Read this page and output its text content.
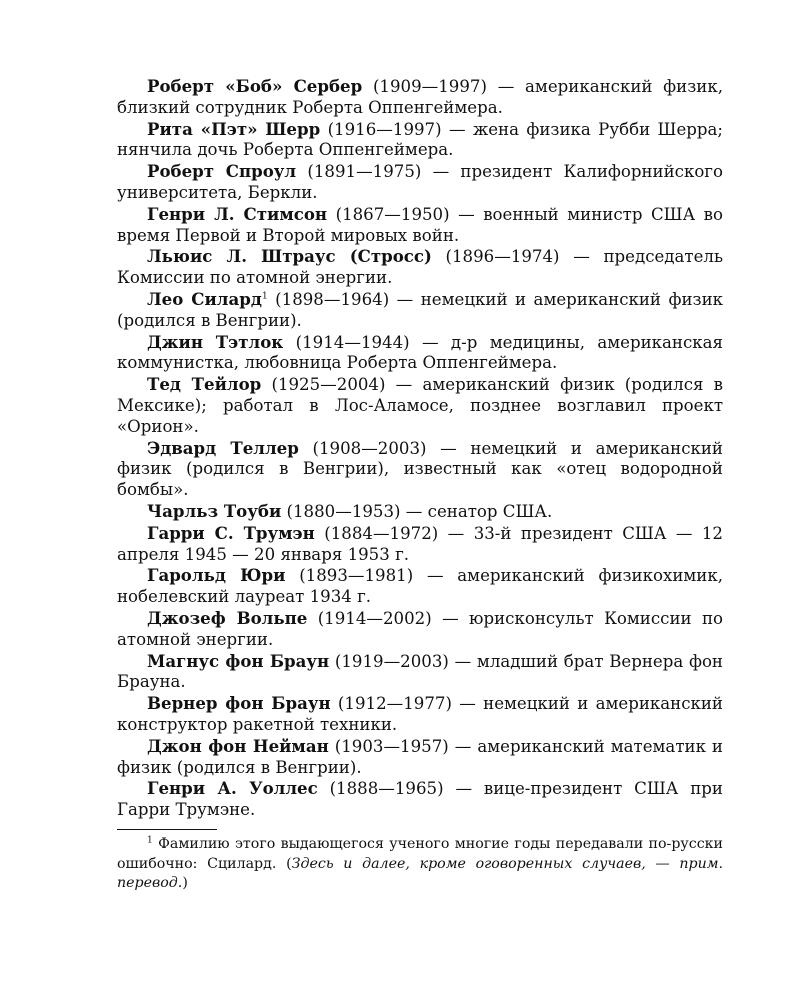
Роберт «Боб» Сербер (1909—1997) — американский физик, близкий сотрудник Роберта Оппенгеймера.

Рита «Пэт» Шерр (1916—1997) — жена физика Рубби Шерра; нянчила дочь Роберта Оппенгеймера.

Роберт Спроул (1891—1975) — президент Калифорнийского университета, Беркли.

Генри Л. Стимсон (1867—1950) — военный министр США во время Первой и Второй мировых войн.

Льюис Л. Штраус (Стросс) (1896—1974) — председатель Комиссии по атомной энергии.

Лео Силард$^1$ (1898—1964) — немецкий и американский физик (родился в Венгрии).

Джин Тэтлок (1914—1944) — д-р медицины, американская коммунистка, любовница Роберта Оппенгеймера.

Тед Тейлор (1925—2004) — американский физик (родился в Мексике); работал в Лос-Аламосе, позднее возглавил проект «Орион».

Эдвард Теллер (1908—2003) — немецкий и американский физик (родился в Венгрии), известный как «отец водородной бомбы».

Чарльз Тоуби (1880—1953) — сенатор США.

Гарри С. Трумэн (1884—1972) — 33-й президент США — 12 апреля 1945 — 20 января 1953 г.

Гарольд Юри (1893—1981) — американский физикохимик, нобелевский лауреат 1934 г.

Джозеф Вольпе (1914—2002) — юрисконсульт Комиссии по атомной энергии.

Магнус фон Браун (1919—2003) — младший брат Вернера фон Брауна.

Вернер фон Браун (1912—1977) — немецкий и американский конструктор ракетной техники.

Джон фон Нейман (1903—1957) — американский математик и физик (родился в Венгрии).

Генри А. Уоллес (1888—1965) — вице-президент США при Гарри Трумэне.

$^1$ Фамилию этого выдающегося ученого многие годы передавали по-русски ошибочно: Сцилард. (Здесь и далее, кроме оговоренных случаев, — прим. перевод.)
